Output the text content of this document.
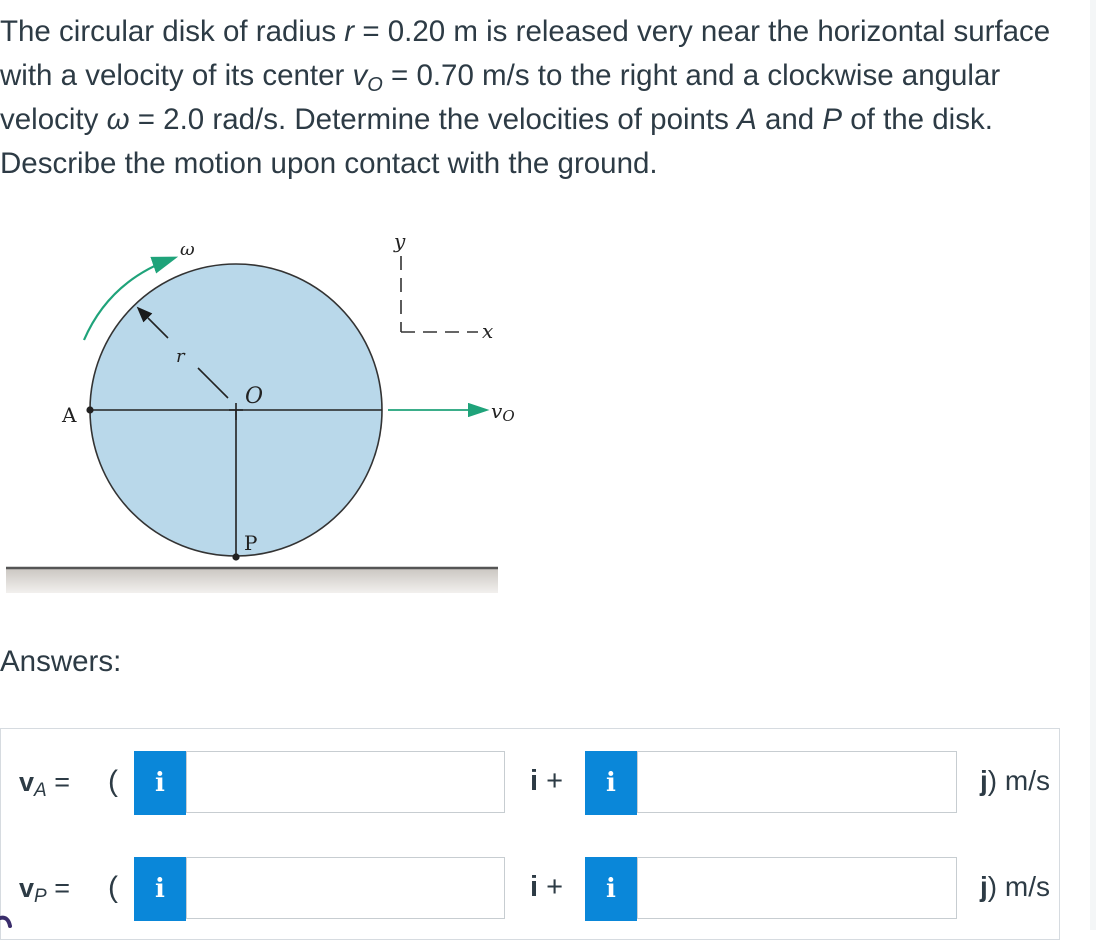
The circular disk of radius r = 0.20 m is released very near the horizontal surface with a velocity of its center $v_O = 0.70$ m/s to the right and a clockwise angular velocity ω = 2.0 rad/s. Determine the velocities of points A and P of the disk. Describe the motion upon contact with the ground.
ω
r
O
A
P
y
x
vO
Answers:
$v_A$ = (	i	i +	i	j) m/s
$v_P$ = (	i	i +	i	j) m/s
